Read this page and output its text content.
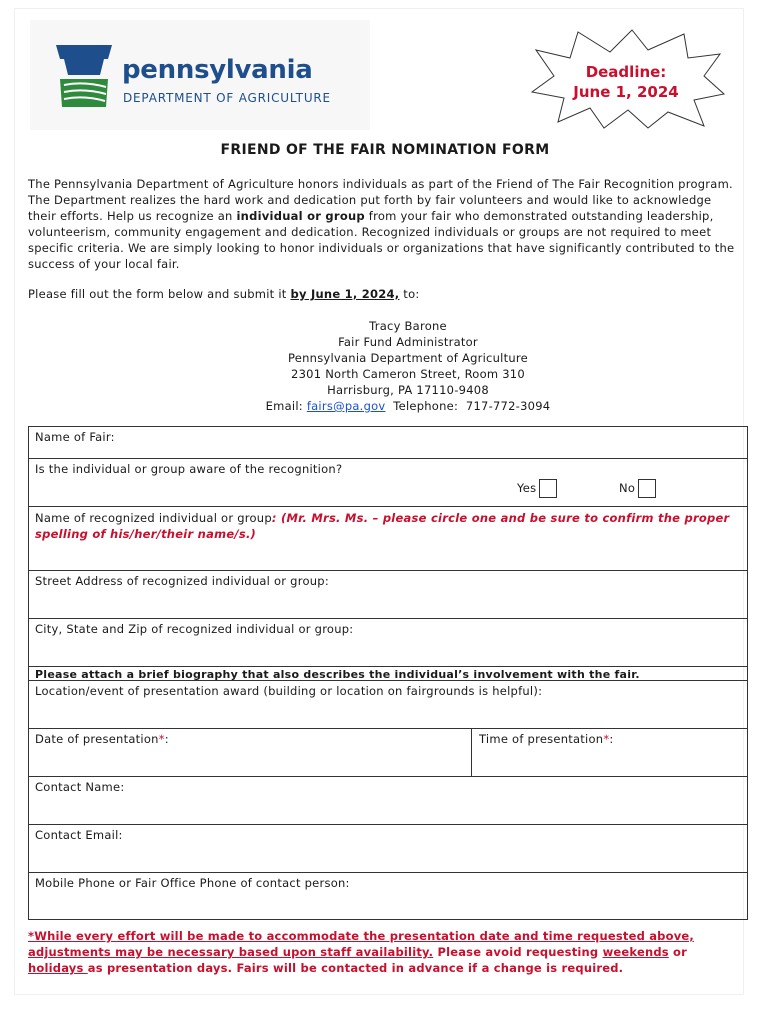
pennsylvania
DEPARTMENT OF AGRICULTURE
Deadline:
June 1, 2024
FRIEND OF THE FAIR NOMINATION FORM
The Pennsylvania Department of Agriculture honors individuals as part of the Friend of The Fair Recognition program. The Department realizes the hard work and dedication put forth by fair volunteers and would like to acknowledge their efforts. Help us recognize an individual or group from your fair who demonstrated outstanding leadership, volunteerism, community engagement and dedication. Recognized individuals or groups are not required to meet specific criteria. We are simply looking to honor individuals or organizations that have significantly contributed to the success of your local fair.
Please fill out the form below and submit it by June 1, 2024, to:
Tracy Barone
Fair Fund Administrator
Pennsylvania Department of Agriculture
2301 North Cameron Street, Room 310
Harrisburg, PA 17110-9408
Email: fairs@pa.gov  Telephone:  717-772-3094
Name of Fair:
Is the individual or group aware of the recognition?
Yes	No
Name of recognized individual or group: (Mr. Mrs. Ms. – please circle one and be sure to confirm the proper spelling of his/her/their name/s.)
Street Address of recognized individual or group:
City, State and Zip of recognized individual or group:
Please attach a brief biography that also describes the individual’s involvement with the fair.
Location/event of presentation award (building or location on fairgrounds is helpful):
Date of presentation*:	Time of presentation*:
Contact Name:
Contact Email:
Mobile Phone or Fair Office Phone of contact person:
*While every effort will be made to accommodate the presentation date and time requested above, adjustments may be necessary based upon staff availability. Please avoid requesting weekends or holidays as presentation days. Fairs will be contacted in advance if a change is required.
